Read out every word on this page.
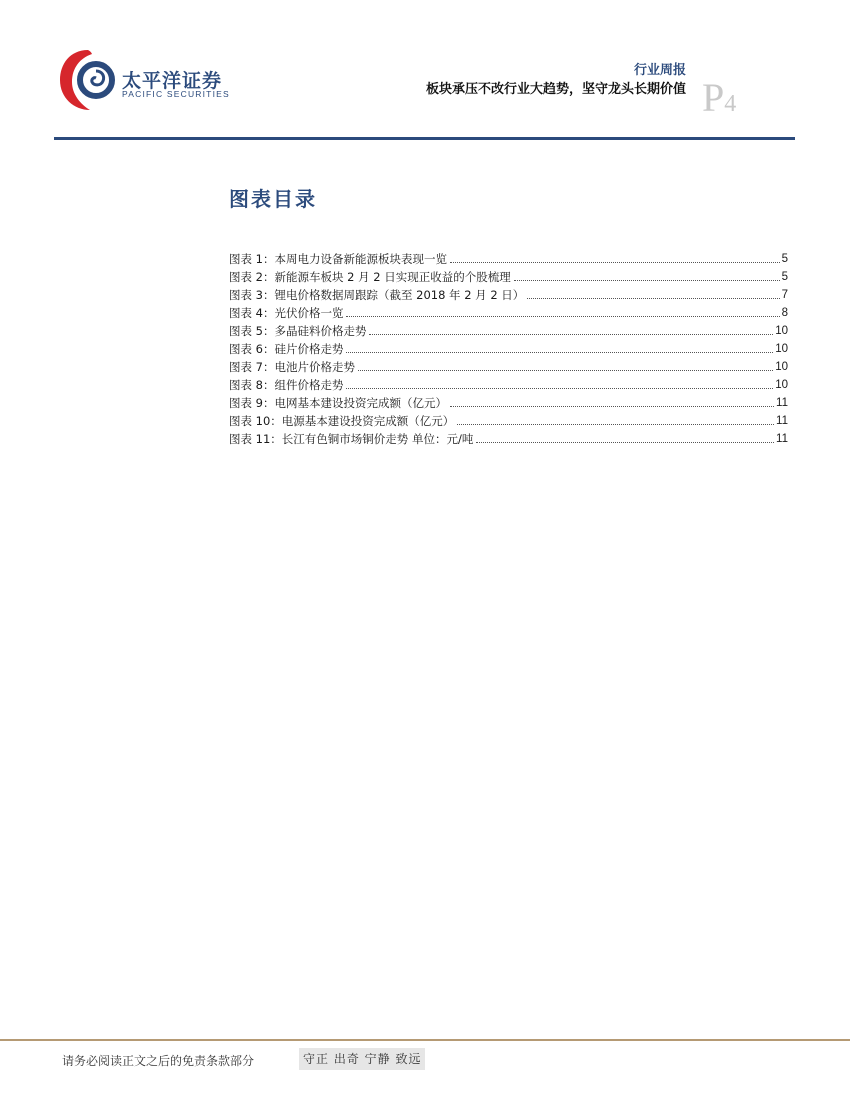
太平洋证券
PACIFIC SECURITIES
行业周报
板块承压不改行业大趋势，坚守龙头长期价值 P4
图表目录
图表 1：本周电力设备新能源板块表现一览	5
图表 2：新能源车板块 2 月 2 日实现正收益的个股梳理	5
图表 3：锂电价格数据周跟踪（截至 2018 年 2 月 2 日）	7
图表 4：光伏价格一览	8
图表 5：多晶硅料价格走势	10
图表 6：硅片价格走势	10
图表 7：电池片价格走势	10
图表 8：组件价格走势	10
图表 9：电网基本建设投资完成额（亿元）	11
图表 10：电源基本建设投资完成额（亿元）	11
图表 11：长江有色铜市场铜价走势 单位：元/吨	11
请务必阅读正文之后的免责条款部分	守正 出奇 宁静 致远
